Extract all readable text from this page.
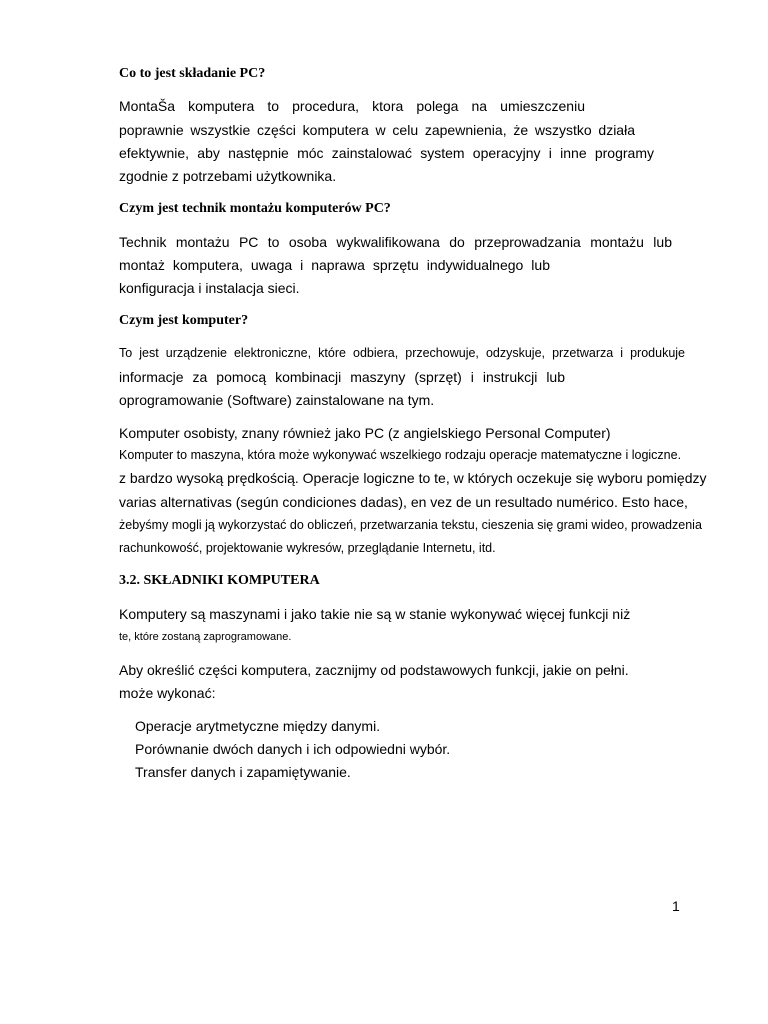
Co to jest składanie PC?
MontaŠa komputera to procedura, ktora polega na umieszczeniu
poprawnie wszystkie części komputera w celu zapewnienia, że wszystko działa
efektywnie, aby następnie móc zainstalować system operacyjny i inne programy
zgodnie z potrzebami użytkownika.
Czym jest technik montażu komputerów PC?
Technik montażu PC to osoba wykwalifikowana do przeprowadzania montażu lub
montaż komputera, uwaga i naprawa sprzętu indywidualnego lub
konfiguracja i instalacja sieci.
Czym jest komputer?
To jest urządzenie elektroniczne, które odbiera, przechowuje, odzyskuje, przetwarza i produkuje
informacje za pomocą kombinacji maszyny (sprzęt) i instrukcji lub
oprogramowanie (Software) zainstalowane na tym.
Komputer osobisty, znany również jako PC (z angielskiego Personal Computer)
Komputer to maszyna, która może wykonywać wszelkiego rodzaju operacje matematyczne i logiczne.
z bardzo wysoką prędkością. Operacje logiczne to te, w których oczekuje się wyboru pomiędzy
varias alternativas (según condiciones dadas), en vez de un resultado numérico. Esto hace,
żebyśmy mogli ją wykorzystać do obliczeń, przetwarzania tekstu, cieszenia się grami wideo, prowadzenia
rachunkowość, projektowanie wykresów, przeglądanie Internetu, itd.
3.2. SKŁADNIKI KOMPUTERA
Komputery są maszynami i jako takie nie są w stanie wykonywać więcej funkcji niż
te, które zostaną zaprogramowane.
Aby określić części komputera, zacznijmy od podstawowych funkcji, jakie on pełni.
może wykonać:
Operacje arytmetyczne między danymi.
Porównanie dwóch danych i ich odpowiedni wybór.
Transfer danych i zapamiętywanie.
1
